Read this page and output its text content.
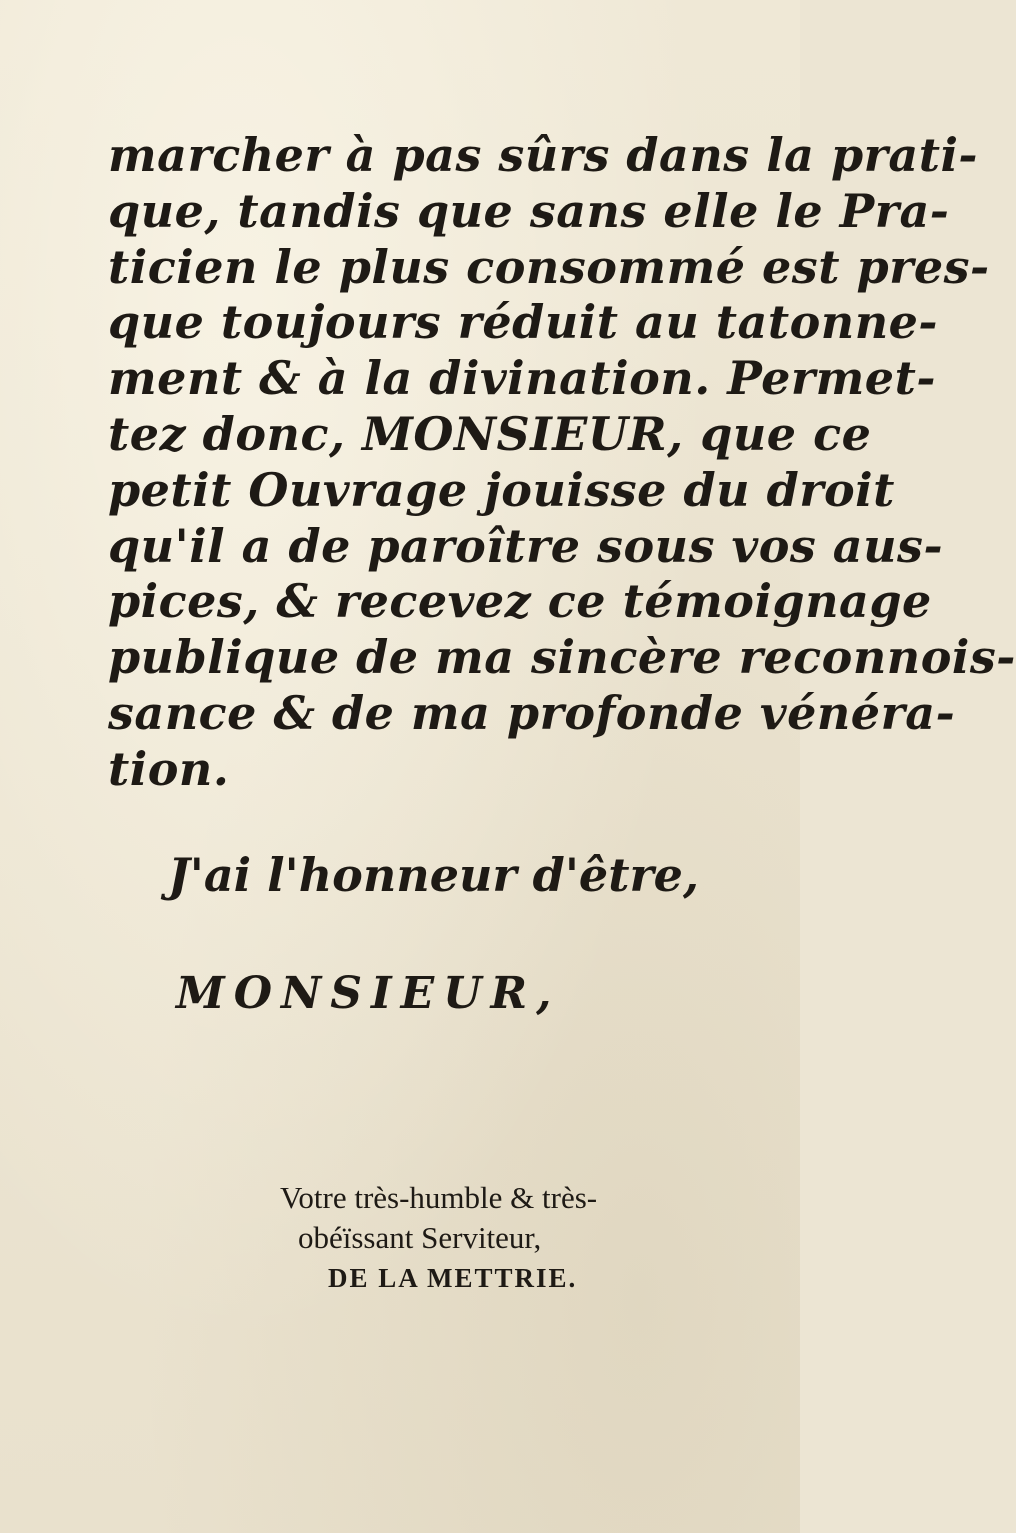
marcher à pas sûrs dans la prati-
que, tandis que sans elle le Pra-
ticien le plus consommé est pres-
que toujours réduit au tatonne-
ment & à la divination. Permet-
tez donc, MONSIEUR, que ce
petit Ouvrage jouisse du droit
qu'il a de paroître sous vos aus-
pices, & recevez ce témoignage
publique de ma sincère reconnois-
sance & de ma profonde vénéra-
tion.
J'ai l'honneur d'être,
MONSIEUR,
Votre très-humble & très-
obéïssant Serviteur,
DE LA METTRIE.
